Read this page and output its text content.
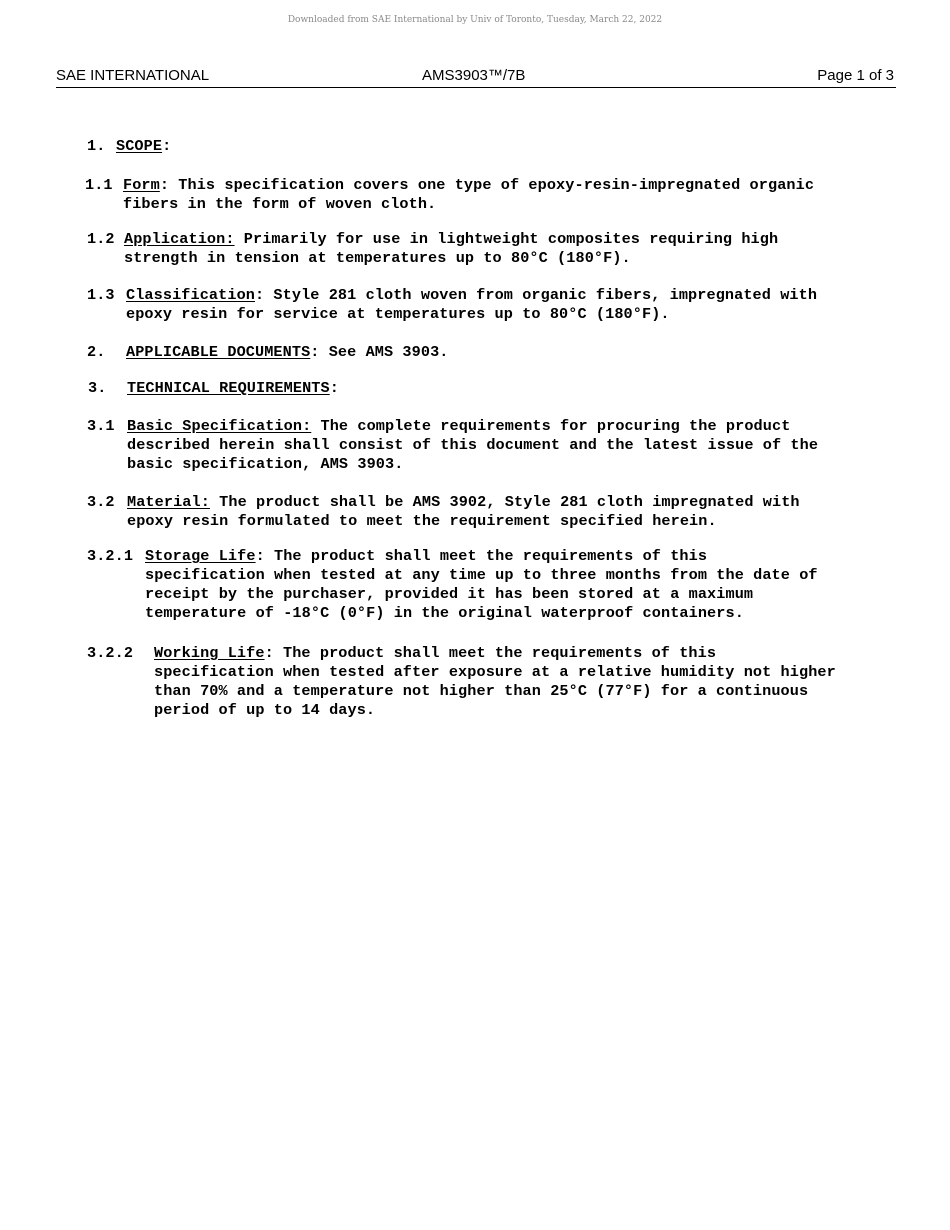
Downloaded from SAE International by Univ of Toronto, Tuesday, March 22, 2022
SAE INTERNATIONAL	AMS3903™/7B	Page 1 of 3
1. SCOPE:
1.1 Form: This specification covers one type of epoxy-resin-impregnated organic
fibers in the form of woven cloth.
1.2 Application: Primarily for use in lightweight composites requiring high
strength in tension at temperatures up to 80°C (180°F).
1.3 Classification: Style 281 cloth woven from organic fibers, impregnated with
epoxy resin for service at temperatures up to 80°C (180°F).
2. APPLICABLE DOCUMENTS: See AMS 3903.
3. TECHNICAL REQUIREMENTS:
3.1 Basic Specification: The complete requirements for procuring the product
described herein shall consist of this document and the latest issue of the
basic specification, AMS 3903.
3.2 Material: The product shall be AMS 3902, Style 281 cloth impregnated with
epoxy resin formulated to meet the requirement specified herein.
3.2.1 Storage Life: The product shall meet the requirements of this
specification when tested at any time up to three months from the date of
receipt by the purchaser, provided it has been stored at a maximum
temperature of -18°C (0°F) in the original waterproof containers.
3.2.2 Working Life: The product shall meet the requirements of this
specification when tested after exposure at a relative humidity not higher
than 70% and a temperature not higher than 25°C (77°F) for a continuous
period of up to 14 days.
